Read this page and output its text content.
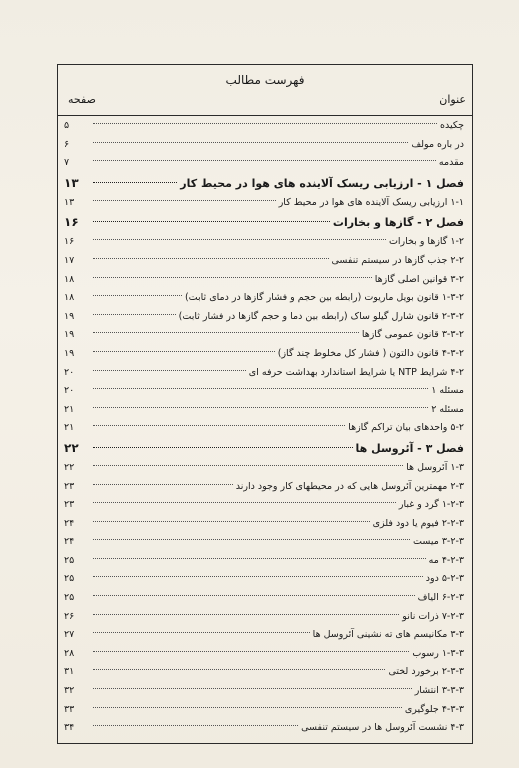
فهرست مطالب
عنوان
صفحه
چکیده
۵
در باره مولف
۶
مقدمه
۷
فصل ۱ - ارزیابی ریسک آلاینده های هوا در محیط کار
۱۳
۱-۱ ارزیابی ریسک آلاینده های هوا در محیط کار
۱۳
فصل ۲ - گازها و بخارات
۱۶
۱-۲ گازها و بخارات
۱۶
۲-۲ جذب گازها در سیستم تنفسی
۱۷
۳-۲ قوانین اصلی گازها
۱۸
۱-۳-۲ قانون بویل ماریوت (رابطه بین حجم و فشار گازها در دمای ثابت)
۱۸
۲-۳-۲ قانون شارل گیلو ساک (رابطه بین دما و حجم گازها در فشار ثابت)
۱۹
۳-۳-۲ قانون عمومی گازها
۱۹
۴-۳-۲ قانون دالتون ( فشار کل مخلوط چند گاز)
۱۹
۴-۲ شرایط NTP یا شرایط استاندارد بهداشت حرفه ای
۲۰
مسئله ۱
۲۰
مسئله ۲
۲۱
۵-۲ واحدهای بیان تراکم گازها
۲۱
فصل ۳ - آئروسل ها
۲۲
۱-۳ آئروسل ها
۲۲
۲-۳ مهمترین آئروسل هایی که در محیطهای کار وجود دارند
۲۳
۱-۲-۳ گرد و غبار
۲۳
۲-۲-۳ فیوم یا دود فلزی
۲۴
۳-۲-۳ میست
۲۴
۴-۲-۳ مه
۲۵
۵-۲-۳ دود
۲۵
۶-۲-۳ الیاف
۲۵
۷-۲-۳ ذرات نانو
۲۶
۳-۳ مکانیسم های ته نشینی آئروسل ها
۲۷
۱-۳-۳ رسوب
۲۸
۲-۳-۳ برخورد لختی
۳۱
۳-۳-۳ انتشار
۳۲
۴-۳-۳ جلوگیری
۳۳
۴-۳ نشست آئروسل ها در سیستم تنفسی
۳۴
